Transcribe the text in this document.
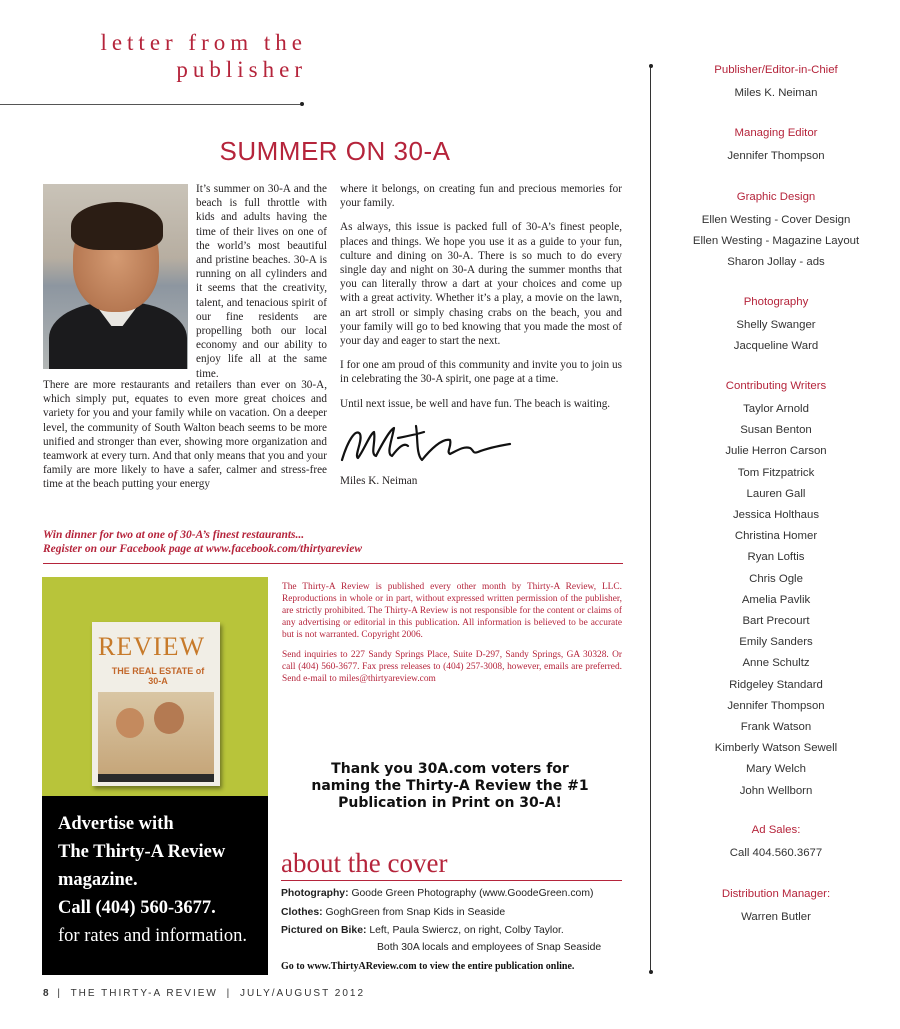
letter from the
publisher
SUMMER ON 30-A
It’s summer on 30-A and the beach is full throttle with kids and adults having the time of their lives on one of the world’s most beautiful and pristine beaches. 30-A is running on all cylinders and it seems that the creativity, talent, and tenacious spirit of our fine residents are propelling both our local economy and our ability to enjoy life all at the same time.

There are more restaurants and retailers than ever on 30-A, which simply put, equates to even more great choices and variety for you and your family while on vacation. On a deeper level, the community of South Walton beach seems to be more unified and stronger than ever, showing more organization and teamwork at every turn. And that only means that you and your family are more likely to have a safer, calmer and stress-free time at the beach putting your energy

where it belongs, on creating fun and precious memories for your family.

As always, this issue is packed full of 30-A’s finest people, places and things. We hope you use it as a guide to your fun, culture and dining on 30-A. There is so much to do every single day and night on 30-A during the summer months that you can literally throw a dart at your choices and come up with a great activity. Whether it’s a play, a movie on the lawn, an art stroll or simply chasing crabs on the beach, you and your family will go to bed knowing that you made the most of your day and eager to start the next.

I for one am proud of this community and invite you to join us in celebrating the 30-A spirit, one page at a time.

Until next issue, be well and have fun. The beach is waiting.

Miles K. Neiman
Win dinner for two at one of 30-A’s finest restaurants...
Register on our Facebook page at www.facebook.com/thirtyareview
REVIEW
THE REAL ESTATE of 30-A
Advertise with
The Thirty-A Review
magazine.
Call (404) 560-3677.
for rates and information.

The Thirty-A Review is published every other month by Thirty-A Review, LLC. Reproductions in whole or in part, without expressed written permission of the publisher, are strictly prohibited. The Thirty-A Review is not responsible for the content or claims of any advertising or editorial in this publication. All information is believed to be accurate but is not warranted. Copyright 2006.

Send inquiries to 227 Sandy Springs Place, Suite D-297, Sandy Springs, GA 30328. Or call (404) 560-3677. Fax press releases to (404) 257-3008, however, emails are preferred. Send e-mail to miles@thirtyareview.com

Thank you 30A.com voters for
naming the Thirty-A Review the #1
Publication in Print on 30-A!
about the cover
Photography: Goode Green Photography (www.GoodeGreen.com)
Clothes: GoghGreen from Snap Kids in Seaside
Pictured on Bike: Left, Paula Swiercz, on right, Colby Taylor.
Both 30A locals and employees of Snap Seaside
Go to www.ThirtyAReview.com to view the entire publication online.
8 | THE THIRTY-A REVIEW | JULY/AUGUST 2012
Publisher/Editor-in-Chief
Miles K. Neiman
Managing Editor
Jennifer Thompson
Graphic Design
Ellen Westing - Cover Design
Ellen Westing - Magazine Layout
Sharon Jollay - ads
Photography
Shelly Swanger
Jacqueline Ward
Contributing Writers
Taylor Arnold
Susan Benton
Julie Herron Carson
Tom Fitzpatrick
Lauren Gall
Jessica Holthaus
Christina Homer
Ryan Loftis
Chris Ogle
Amelia Pavlik
Bart Precourt
Emily Sanders
Anne Schultz
Ridgeley Standard
Jennifer Thompson
Frank Watson
Kimberly Watson Sewell
Mary Welch
John Wellborn
Ad Sales:
Call 404.560.3677
Distribution Manager:
Warren Butler
